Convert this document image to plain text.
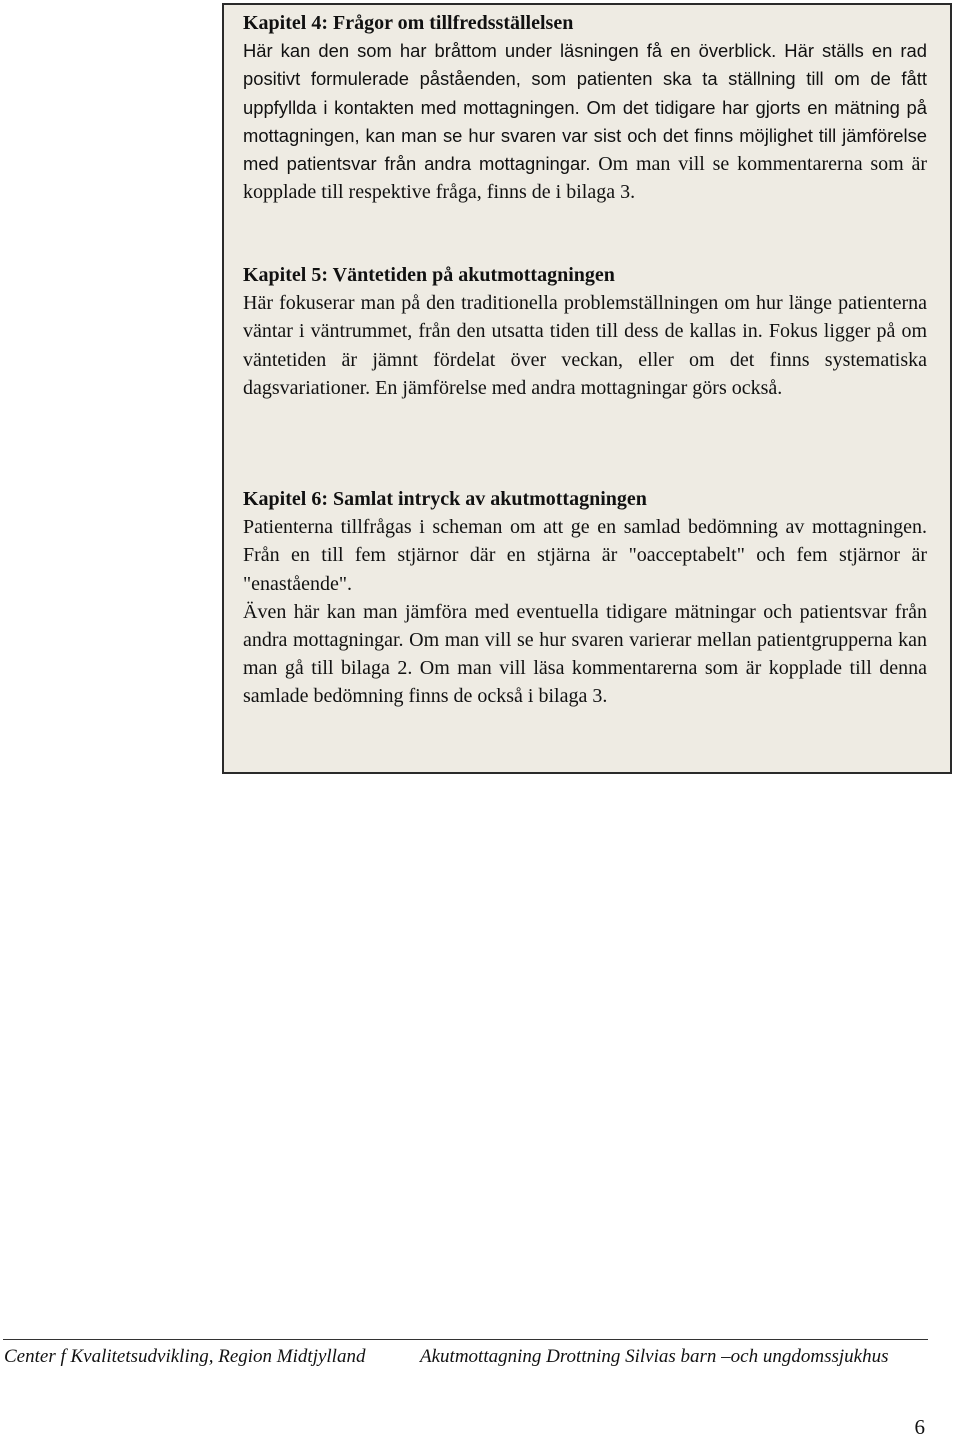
Kapitel 4: Frågor om tillfredsställelsen

Här kan den som har bråttom under läsningen få en överblick. Här ställs en rad positivt formulerade påståenden, som patienten ska ta ställning till om de fått uppfyllda i kontakten med mottagningen. Om det tidigare har gjorts en mätning på mottagningen, kan man se hur svaren var sist och det finns möjlighet till jämförelse med patientsvar från andra mottagningar. Om man vill se kommentarerna som är kopplade till respektive fråga, finns de i bilaga 3.

Kapitel 5: Väntetiden på akutmottagningen

Här fokuserar man på den traditionella problemställningen om hur länge patienterna väntar i väntrummet, från den utsatta tiden till dess de kallas in. Fokus ligger på om väntetiden är jämnt fördelat över veckan, eller om det finns systematiska dagsvariationer. En jämförelse med andra mottagningar görs också.

Kapitel 6: Samlat intryck av akutmottagningen

Patienterna tillfrågas i scheman om att ge en samlad bedömning av mottagningen. Från en till fem stjärnor där en stjärna är "oacceptabelt" och fem stjärnor är "enastående".

Även här kan man jämföra med eventuella tidigare mätningar och patientsvar från andra mottagningar. Om man vill se hur svaren varierar mellan patientgrupperna kan man gå till bilaga 2. Om man vill läsa kommentarerna som är kopplade till denna samlade bedömning finns de också i bilaga 3.

Center f Kvalitetsudvikling, Region Midtjylland	Akutmottagning Drottning Silvias barn –och ungdomssjukhus
6
